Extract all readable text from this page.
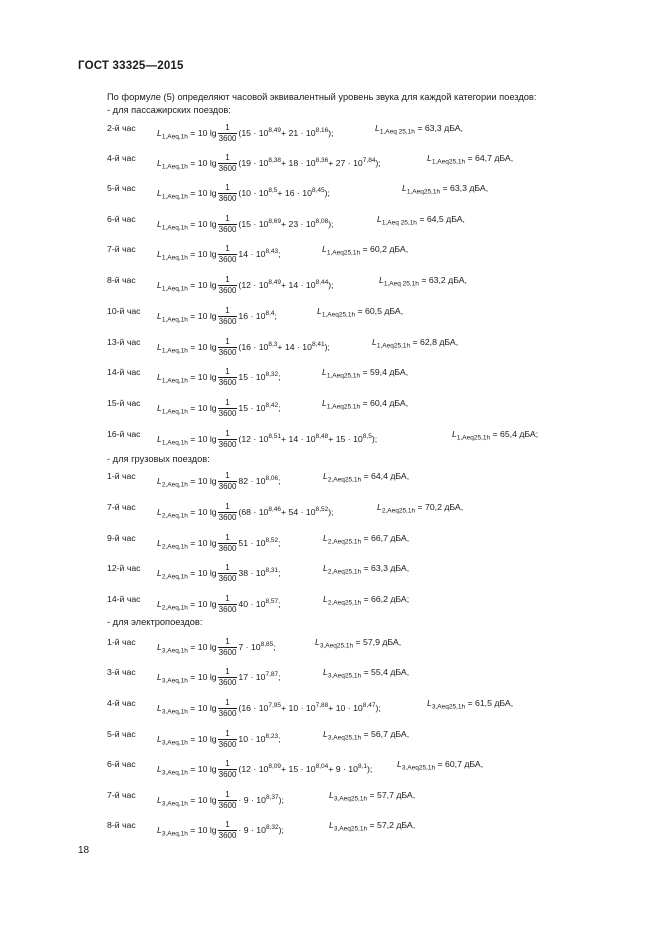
ГОСТ 33325—2015
По формуле (5) определяют часовой эквивалентный уровень звука для каждой категории поездов:
- для пассажирских поездов:
2-й час $L_{1,Aeq,1h} = 10$ $\lg \frac{1}{3600} (15 \cdot 10^{8,49}+ 21 \cdot 10^{8,16})$;	$L_{1,Aeq 25,1h} = 63,3$ дБА,
4-й час $L_{1,Aeq,1h} = 10$ $\lg \frac{1}{3600} (19 \cdot 10^{8,38}+ 18 \cdot 10^{8,36}+ 27 \cdot 10^{7,84})$;	$L_{1,Aeq25,1h} = 64,7$ дБА,
5-й час $L_{1,Aeq,1h} = 10$ $\lg \frac{1}{3600} (10 \cdot 10^{8,5}+ 16 \cdot 10^{8,45})$;	$L_{1,Aeq25,1h} = 63,3$ дБА,
6-й час $L_{1,Aeq,1h} = 10$ $\lg \frac{1}{3600} (15 \cdot 10^{8,69}+ 23 \cdot 10^{8,08})$;	$L_{1,Aeq 25,1h} = 64,5$ дБА,
7-й час $L_{1,Aeq,1h} = 10$ $\lg \frac{1}{3600} 14 \cdot 10^{8,43}$;	$L_{1,Aeq25,1h} = 60,2$ дБА,
8-й час $L_{1,Aeq,1h} = 10$ $\lg \frac{1}{3600} (12 \cdot 10^{8,49}+ 14 \cdot 10^{8,44})$;	$L_{1,Aeq 25,1h} = 63,2$ дБА,
10-й час $L_{1,Aeq,1h} = 10$ $\lg \frac{1}{3600} 16 \cdot 10^{8,4}$;	$L_{1,Aeq25,1h} = 60,5$ дБА,
13-й час $L_{1,Aeq,1h} = 10$ $\lg \frac{1}{3600} (16 \cdot 10^{8,3}+ 14 \cdot 10^{8,41})$;	$L_{1,Aeq25,1h} = 62,8$ дБА,
14-й час $L_{1,Aeq,1h} = 10$ $\lg \frac{1}{3600} 15 \cdot 10^{8,32}$;	$L_{1,Aeq25,1h} = 59,4$ дБА,
15-й час $L_{1,Aeq,1h} = 10$ $\lg \frac{1}{3600} 15 \cdot 10^{8,42}$;	$L_{1,Aeq25.1h} = 60,4$ дБА,
16-й час $L_{1,Aeq,1h} = 10$ $\lg \frac{1}{3600} (12 \cdot 10^{8,51}+ 14 \cdot 10^{8,48}+ 15 \cdot 10^{8,5})$;	$L_{1,Aeq25,1h} = 65,4$ дБА;
1-й час $L_{2,Aeq,1h} = 10$ $\lg \frac{1}{3600} 82 \cdot 10^{8,06}$;	$L_{2,Aeq25,1h} = 64,4$ дБА,
7-й час $L_{2,Aeq,1h} = 10$ $\lg \frac{1}{3600} (68 \cdot 10^{8,46}+ 54 \cdot 10^{8,52})$;	$L_{2,Aeq25,1h} = 70,2$ дБА,
9-й час $L_{2,Aeq,1h} = 10$ $\lg \frac{1}{3600} 51 \cdot 10^{8,52}$;	$L_{2,Aeq25,1h} = 66,7$ дБА,
12-й час $L_{2,Aeq,1h} = 10$ $\lg \frac{1}{3600} 38 \cdot 10^{8,31}$;	$L_{2,Aeq25,1h} = 63,3$ дБА,
14-й час $L_{2,Aeq,1h} = 10$ $\lg \frac{1}{3600} 40 \cdot 10^{8,57}$;	$L_{2,Aeq25,1h} = 66,2$ дБА;
1-й час $L_{3,Aeq,1h} = 10$ $\lg \frac{1}{3600} 7 \cdot 10^{8,85}$;	$L_{3,Aeq25,1h} = 57,9$ дБА,
3-й час $L_{3,Aeq,1h} = 10$ $\lg \frac{1}{3600} 17 \cdot 10^{7,87}$;	$L_{3,Aeq25,1h} = 55,4$ дБА,
4-й час $L_{3,Aeq,1h} = 10$ $\lg \frac{1}{3600} (16 \cdot 10^{7,95}+ 10 \cdot 10^{7,88}+ 10 \cdot 10^{8,47})$;	$L_{3,Aeq25,1h} = 61,5$ дБА,
5-й час $L_{3,Aeq,1h} = 10$ $\lg \frac{1}{3600} 10 \cdot 10^{8,23}$;	$L_{3,Aeq25,1h} = 56,7$ дБА,
6-й час $L_{3,Aeq,1h} = 10$ $\lg \frac{1}{3600} (12 \cdot 10^{8,09}+ 15 \cdot 10^{8,04}+ 9 \cdot 10^{8,1})$;	$L_{3,Aeq25,1h} = 60,7$ дБА,
7-й час $L_{3,Aeq,1h} = 10$ $\lg \frac{1}{3600} \cdot 9 \cdot 10^{8,37}$);	$L_{3,Aeq25,1h} = 57,7$ дБА,
8-й час $L_{3,Aeq,1h} = 10$ $\lg \frac{1}{3600} \cdot 9 \cdot 10^{8,32}$);	$L_{3,Aeq25,1h} = 57,2$ дБА,
- для грузовых поездов:
- для электропоездов:
18
